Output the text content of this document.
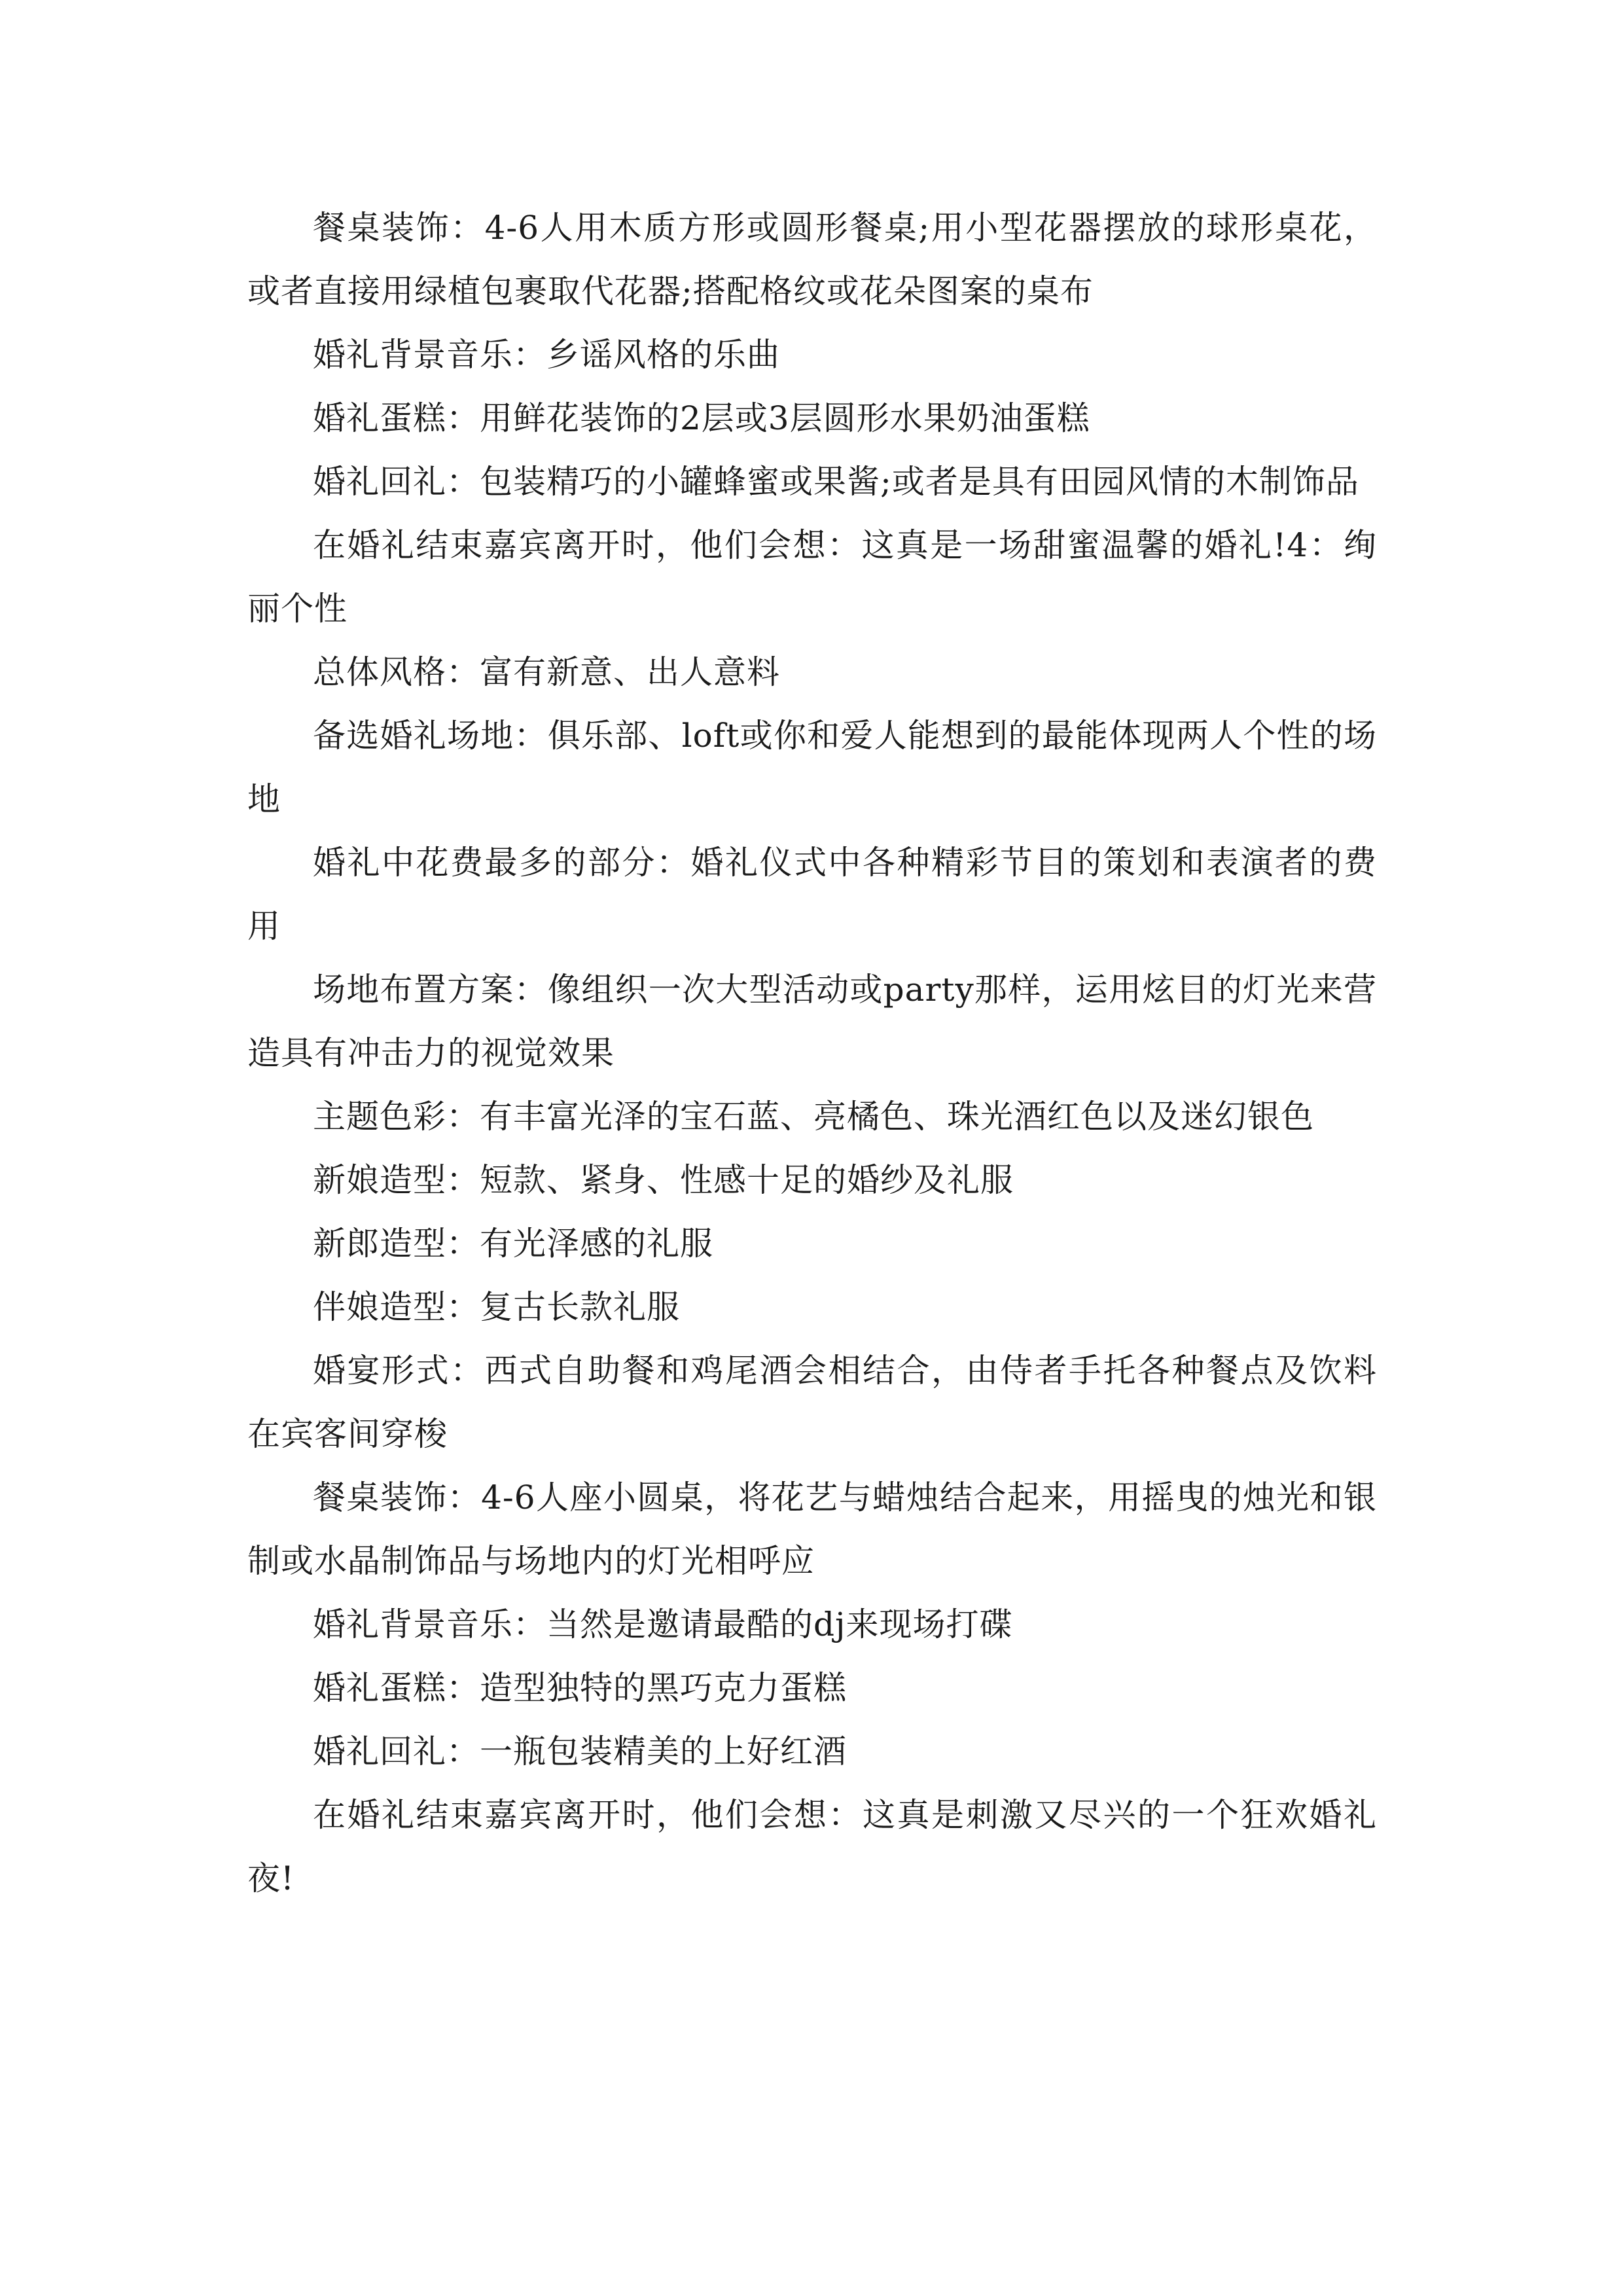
餐桌装饰：4-6人用木质方形或圆形餐桌;用小型花器摆放的球形桌花，或者直接用绿植包裹取代花器;搭配格纹或花朵图案的桌布

婚礼背景音乐：乡谣风格的乐曲

婚礼蛋糕：用鲜花装饰的2层或3层圆形水果奶油蛋糕

婚礼回礼：包装精巧的小罐蜂蜜或果酱;或者是具有田园风情的木制饰品

在婚礼结束嘉宾离开时，他们会想：这真是一场甜蜜温馨的婚礼!4：绚丽个性

总体风格：富有新意、出人意料

备选婚礼场地：俱乐部、loft或你和爱人能想到的最能体现两人个性的场地

婚礼中花费最多的部分：婚礼仪式中各种精彩节目的策划和表演者的费用

场地布置方案：像组织一次大型活动或party那样，运用炫目的灯光来营造具有冲击力的视觉效果

主题色彩：有丰富光泽的宝石蓝、亮橘色、珠光酒红色以及迷幻银色

新娘造型：短款、紧身、性感十足的婚纱及礼服

新郎造型：有光泽感的礼服

伴娘造型：复古长款礼服

婚宴形式：西式自助餐和鸡尾酒会相结合，由侍者手托各种餐点及饮料在宾客间穿梭

餐桌装饰：4-6人座小圆桌，将花艺与蜡烛结合起来，用摇曳的烛光和银制或水晶制饰品与场地内的灯光相呼应

婚礼背景音乐：当然是邀请最酷的dj来现场打碟

婚礼蛋糕：造型独特的黑巧克力蛋糕

婚礼回礼：一瓶包装精美的上好红酒

在婚礼结束嘉宾离开时，他们会想：这真是刺激又尽兴的一个狂欢婚礼夜!
